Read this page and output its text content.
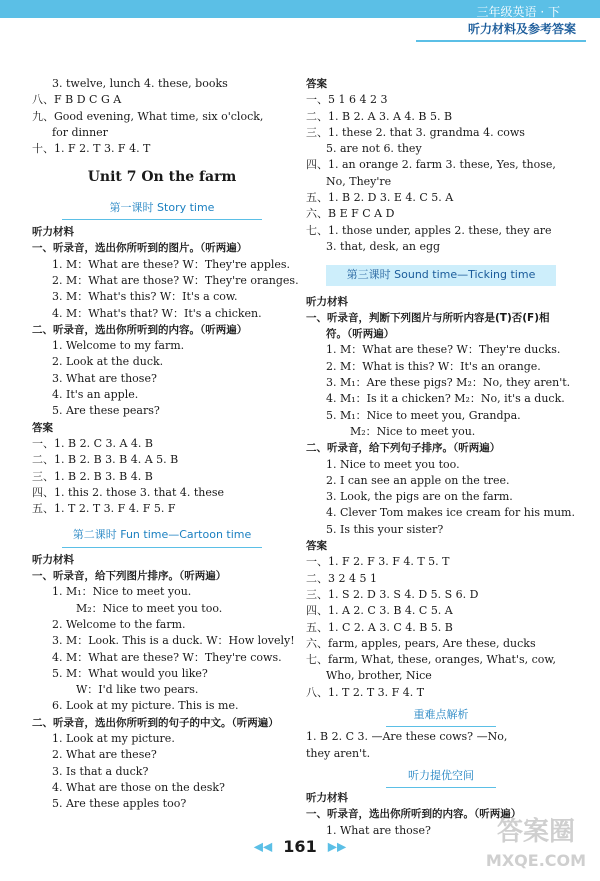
三年级英语 · 下
听力材料及参考答案
3. twelve, lunch 4. these, books
八、F B D C G A
九、Good evening, What time, six o'clock,
for dinner
十、1. F 2. T 3. F 4. T
Unit 7 On the farm
第一课时 Story time
听力材料
一、听录音，选出你所听到的图片。（听两遍）
1. M：What are these? W：They're apples.
2. M：What are those? W：They're oranges.
3. M：What's this? W：It's a cow.
4. M：What's that? W：It's a chicken.
二、听录音，选出你所听到的内容。（听两遍）
1. Welcome to my farm.
2. Look at the duck.
3. What are those?
4. It's an apple.
5. Are these pears?
答案
一、1. B 2. C 3. A 4. B
二、1. B 2. B 3. B 4. A 5. B
三、1. B 2. B 3. B 4. B
四、1. this 2. those 3. that 4. these
五、1. T 2. T 3. F 4. F 5. F
第二课时 Fun time—Cartoon time
听力材料
一、听录音，给下列图片排序。（听两遍）
1. M₁：Nice to meet you.
M₂：Nice to meet you too.
2. Welcome to the farm.
3. M：Look. This is a duck. W：How lovely!
4. M：What are these? W：They're cows.
5. M：What would you like?
W：I'd like two pears.
6. Look at my picture. This is me.
二、听录音，选出你所听到的句子的中文。（听两遍）
1. Look at my picture.
2. What are these?
3. Is that a duck?
4. What are those on the desk?
5. Are these apples too?
答案
一、5 1 6 4 2 3
二、1. B 2. A 3. A 4. B 5. B
三、1. these 2. that 3. grandma 4. cows
5. are not 6. they
四、1. an orange 2. farm 3. these, Yes, those,
No, They're
五、1. B 2. D 3. E 4. C 5. A
六、B E F C A D
七、1. those under, apples 2. these, they are
3. that, desk, an egg
第三课时 Sound time—Ticking time
听力材料
一、听录音，判断下列图片与所听内容是(T)否(F)相
符。（听两遍）
1. M：What are these? W：They're ducks.
2. M：What is this? W：It's an orange.
3. M₁：Are these pigs? M₂：No, they aren't.
4. M₁：Is it a chicken? M₂：No, it's a duck.
5. M₁：Nice to meet you, Grandpa.
M₂：Nice to meet you.
二、听录音，给下列句子排序。（听两遍）
1. Nice to meet you too.
2. I can see an apple on the tree.
3. Look, the pigs are on the farm.
4. Clever Tom makes ice cream for his mum.
5. Is this your sister?
答案
一、1. F 2. F 3. F 4. T 5. T
二、3 2 4 5 1
三、1. S 2. D 3. S 4. D 5. S 6. D
四、1. A 2. C 3. B 4. C 5. A
五、1. C 2. A 3. C 4. B 5. B
六、farm, apples, pears, Are these, ducks
七、farm, What, these, oranges, What's, cow,
Who, brother, Nice
八、1. T 2. T 3. F 4. T
重难点解析
1. B 2. C 3. —Are these cows? —No,
they aren't.
听力提优空间
听力材料
一、听录音，选出你所听到的内容。（听两遍）
1. What are those?
◀◀ 161 ▶▶	答案圈
MXQE.COM
